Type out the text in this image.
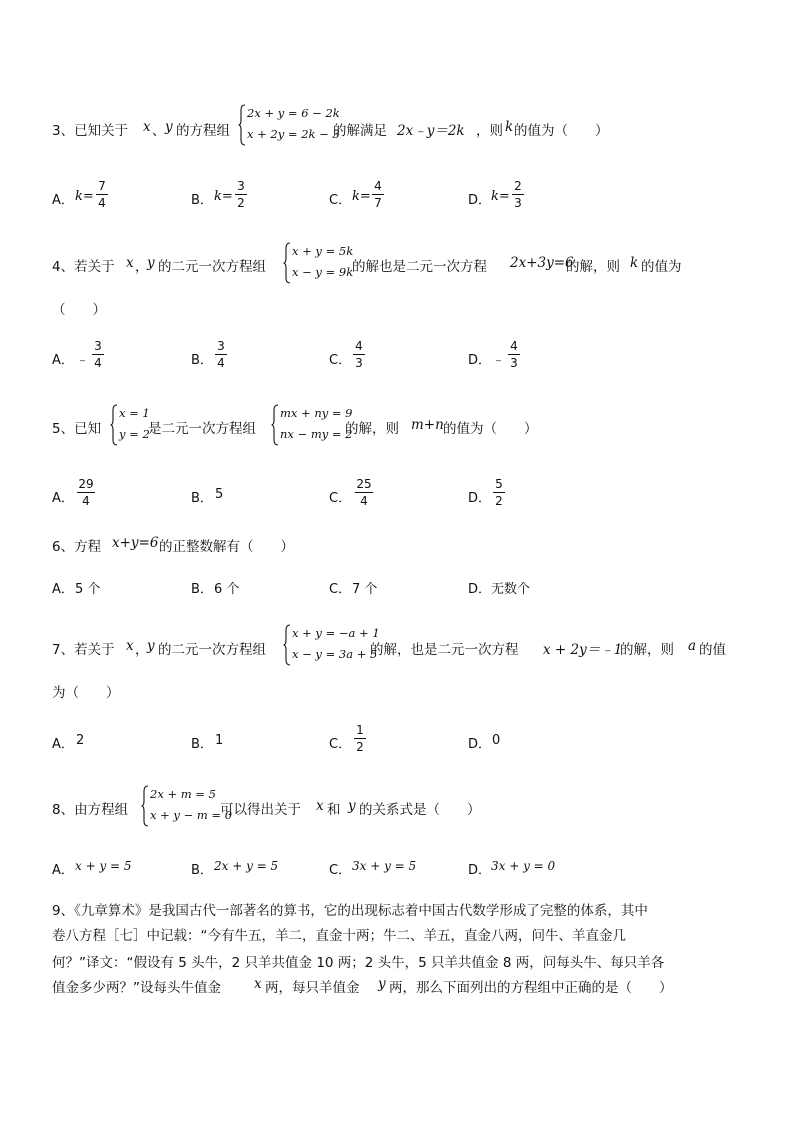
3、已知关于 x 、 y 的方程组
2x + y = 6 − 2k
x + 2y = 2k − 3
的解满足 2x﹣y＝2k ，则 k 的值为（　　）
A． k=
7
4	B． k=
3
2	C． k=
4
7	D． k=
2
3
4、若关于 x ，
y 的二元一次方程组
x + y = 5k
x − y = 9k
的解也是二元一次方程 2x+3y=6
的解，则 k 的值为
（　　）
A． ﹣
3
4	B．
3
4	C．
4
3	D． ﹣
4
3
5、已知
x = 1
y = 2
是二元一次方程组
mx + ny = 9
nx − my = 2
的解，则 m+n 的值为（　　）
A．
29
4	B． 5	C．
25
4	D．
5
2
6、方程 x+y=6 的正整数解有（　　）
A． 5 个	B． 6 个	C． 7 个	D． 无数个
7、若关于 x ，
y 的二元一次方程组
x + y = −a + 1
x − y = 3a + 5
的解，也是二元一次方程 x + 2y＝﹣1
的解，则 a 的值
为（　　）
A． 2	B． 1	C．
1
2	D． 0
8、由方程组
2x + m = 5
x + y − m = 0
可以得出关于 x 和 y 的关系式是（　　）
A． x + y = 5	B． 2x + y = 5	C． 3x + y = 5	D． 3x + y = 0
9、《九章算术》是我国古代一部著名的算书，它的出现标志着中国古代数学形成了完整的体系，其中
卷八方程［七］中记载：“今有牛五，羊二，直金十两；牛二、羊五，直金八两，问牛、羊直金几
何？”译文：“假设有 5 头牛，2 只羊共值金 10 两；2 头牛，5 只羊共值金 8 两，问每头牛、每只羊各
值金多少两？”设每头牛值金 x 两，每只羊值金 y 两，那么下面列出的方程组中正确的是（　　）
